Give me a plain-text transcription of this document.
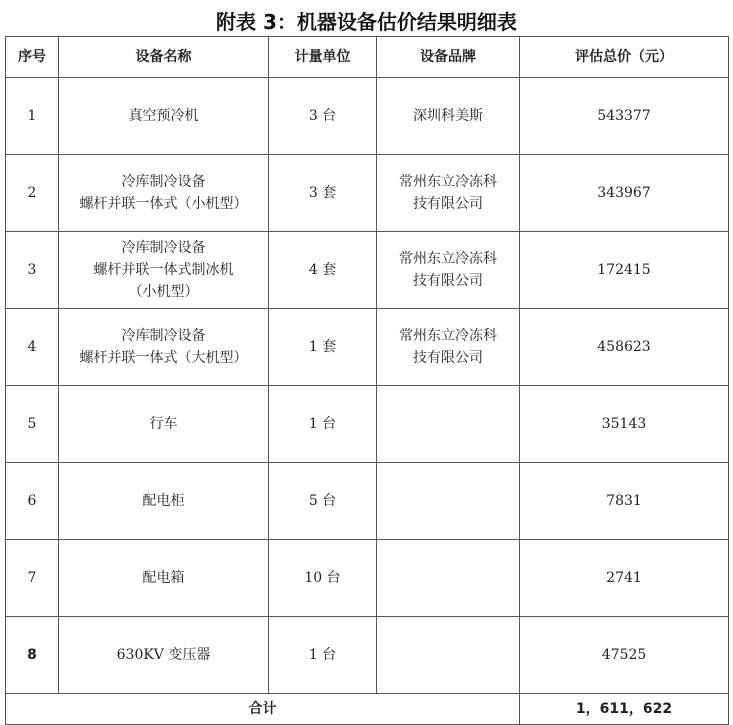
附表 3：机器设备估价结果明细表
序号	设备名称	计量单位	设备品牌	评估总价（元）
1	真空预冷机	3 台	深圳科美斯	543377
2	冷库制冷设备
螺杆并联一体式（小机型）	3 套	常州东立冷冻科
技有限公司	343967
3	冷库制冷设备
螺杆并联一体式制冰机
（小机型）	4 套	常州东立冷冻科
技有限公司	172415
4	冷库制冷设备
螺杆并联一体式（大机型）	1 套	常州东立冷冻科
技有限公司	458623
5	行车	1 台		35143
6	配电柜	5 台		7831
7	配电箱	10 台		2741
8	630KV 变压器	1 台		47525
合计				1，611，622
